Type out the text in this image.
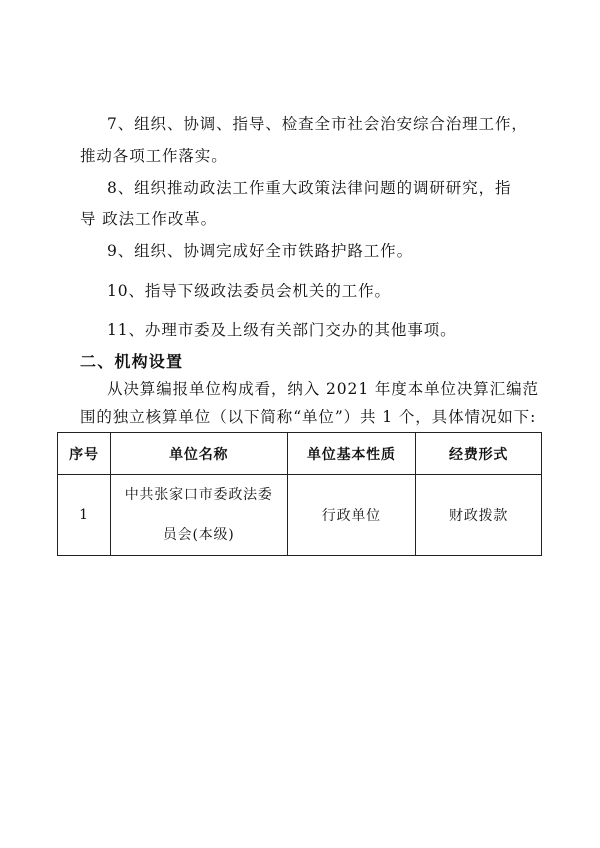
7、组织、协调、指导、检查全市社会治安综合治理工作，
推动各项工作落实。
8、组织推动政法工作重大政策法律问题的调研研究，指
导 政法工作改革。
9、组织、协调完成好全市铁路护路工作。
10、指导下级政法委员会机关的工作。
11、办理市委及上级有关部门交办的其他事项。
二、机构设置
从决算编报单位构成看，纳入 2021 年度本单位决算汇编范
围的独立核算单位（以下简称“单位”）共 1 个，具体情况如下:
序号	单位名称	单位基本性质	经费形式
1	中共张家口市委政法委
员会(本级)	行政单位	财政拨款
